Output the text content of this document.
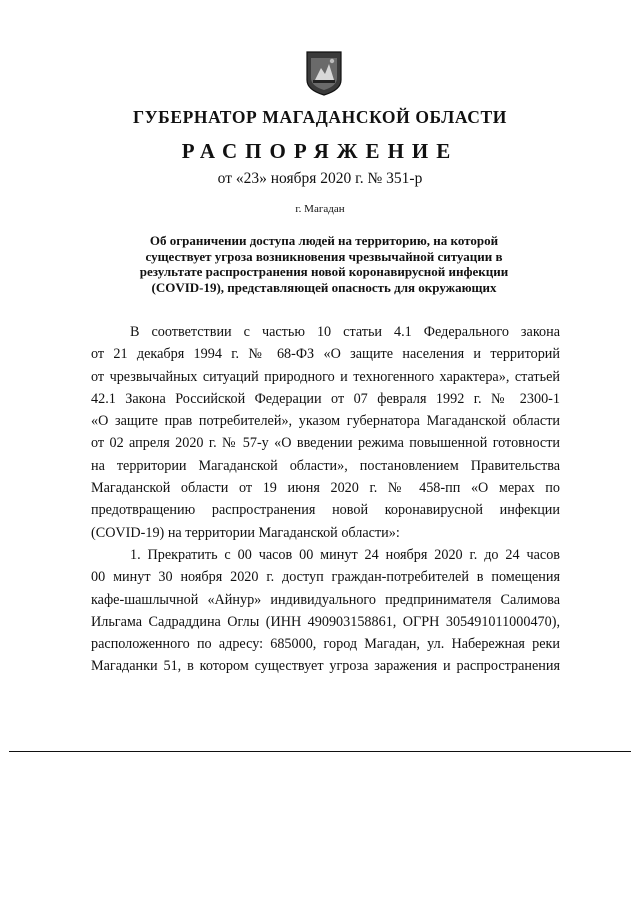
ГУБЕРНАТОР МАГАДАНСКОЙ ОБЛАСТИ
РАСПОРЯЖЕНИЕ
от «23» ноября 2020 г. № 351-р
г. Магадан
Об ограничении доступа людей на территорию, на которой
существует угроза возникновения чрезвычайной ситуации в
результате распространения новой коронавирусной инфекции
(COVID-19), представляющей опасность для окружающих
В соответствии с частью 10 статьи 4.1 Федерального закона
от 21 декабря 1994 г. № 68-ФЗ «О защите населения и территорий
от чрезвычайных ситуаций природного и техногенного характера», статьей
42.1 Закона Российской Федерации от 07 февраля 1992 г. № 2300-1
«О защите прав потребителей», указом губернатора Магаданской области
от 02 апреля 2020 г. № 57-у «О введении режима повышенной готовности
на территории Магаданской области», постановлением Правительства
Магаданской области от 19 июня 2020 г. № 458-пп «О мерах по
предотвращению распространения новой коронавирусной инфекции
(COVID-19) на территории Магаданской области»:
1. Прекратить с 00 часов 00 минут 24 ноября 2020 г. до 24 часов
00 минут 30 ноября 2020 г. доступ граждан-потребителей в помещения
кафе-шашлычной «Айнур» индивидуального предпринимателя Салимова
Ильгама Садраддина Оглы (ИНН 490903158861, ОГРН 305491011000470),
расположенного по адресу: 685000, город Магадан, ул. Набережная реки
Магаданки 51, в котором существует угроза заражения и распространения
